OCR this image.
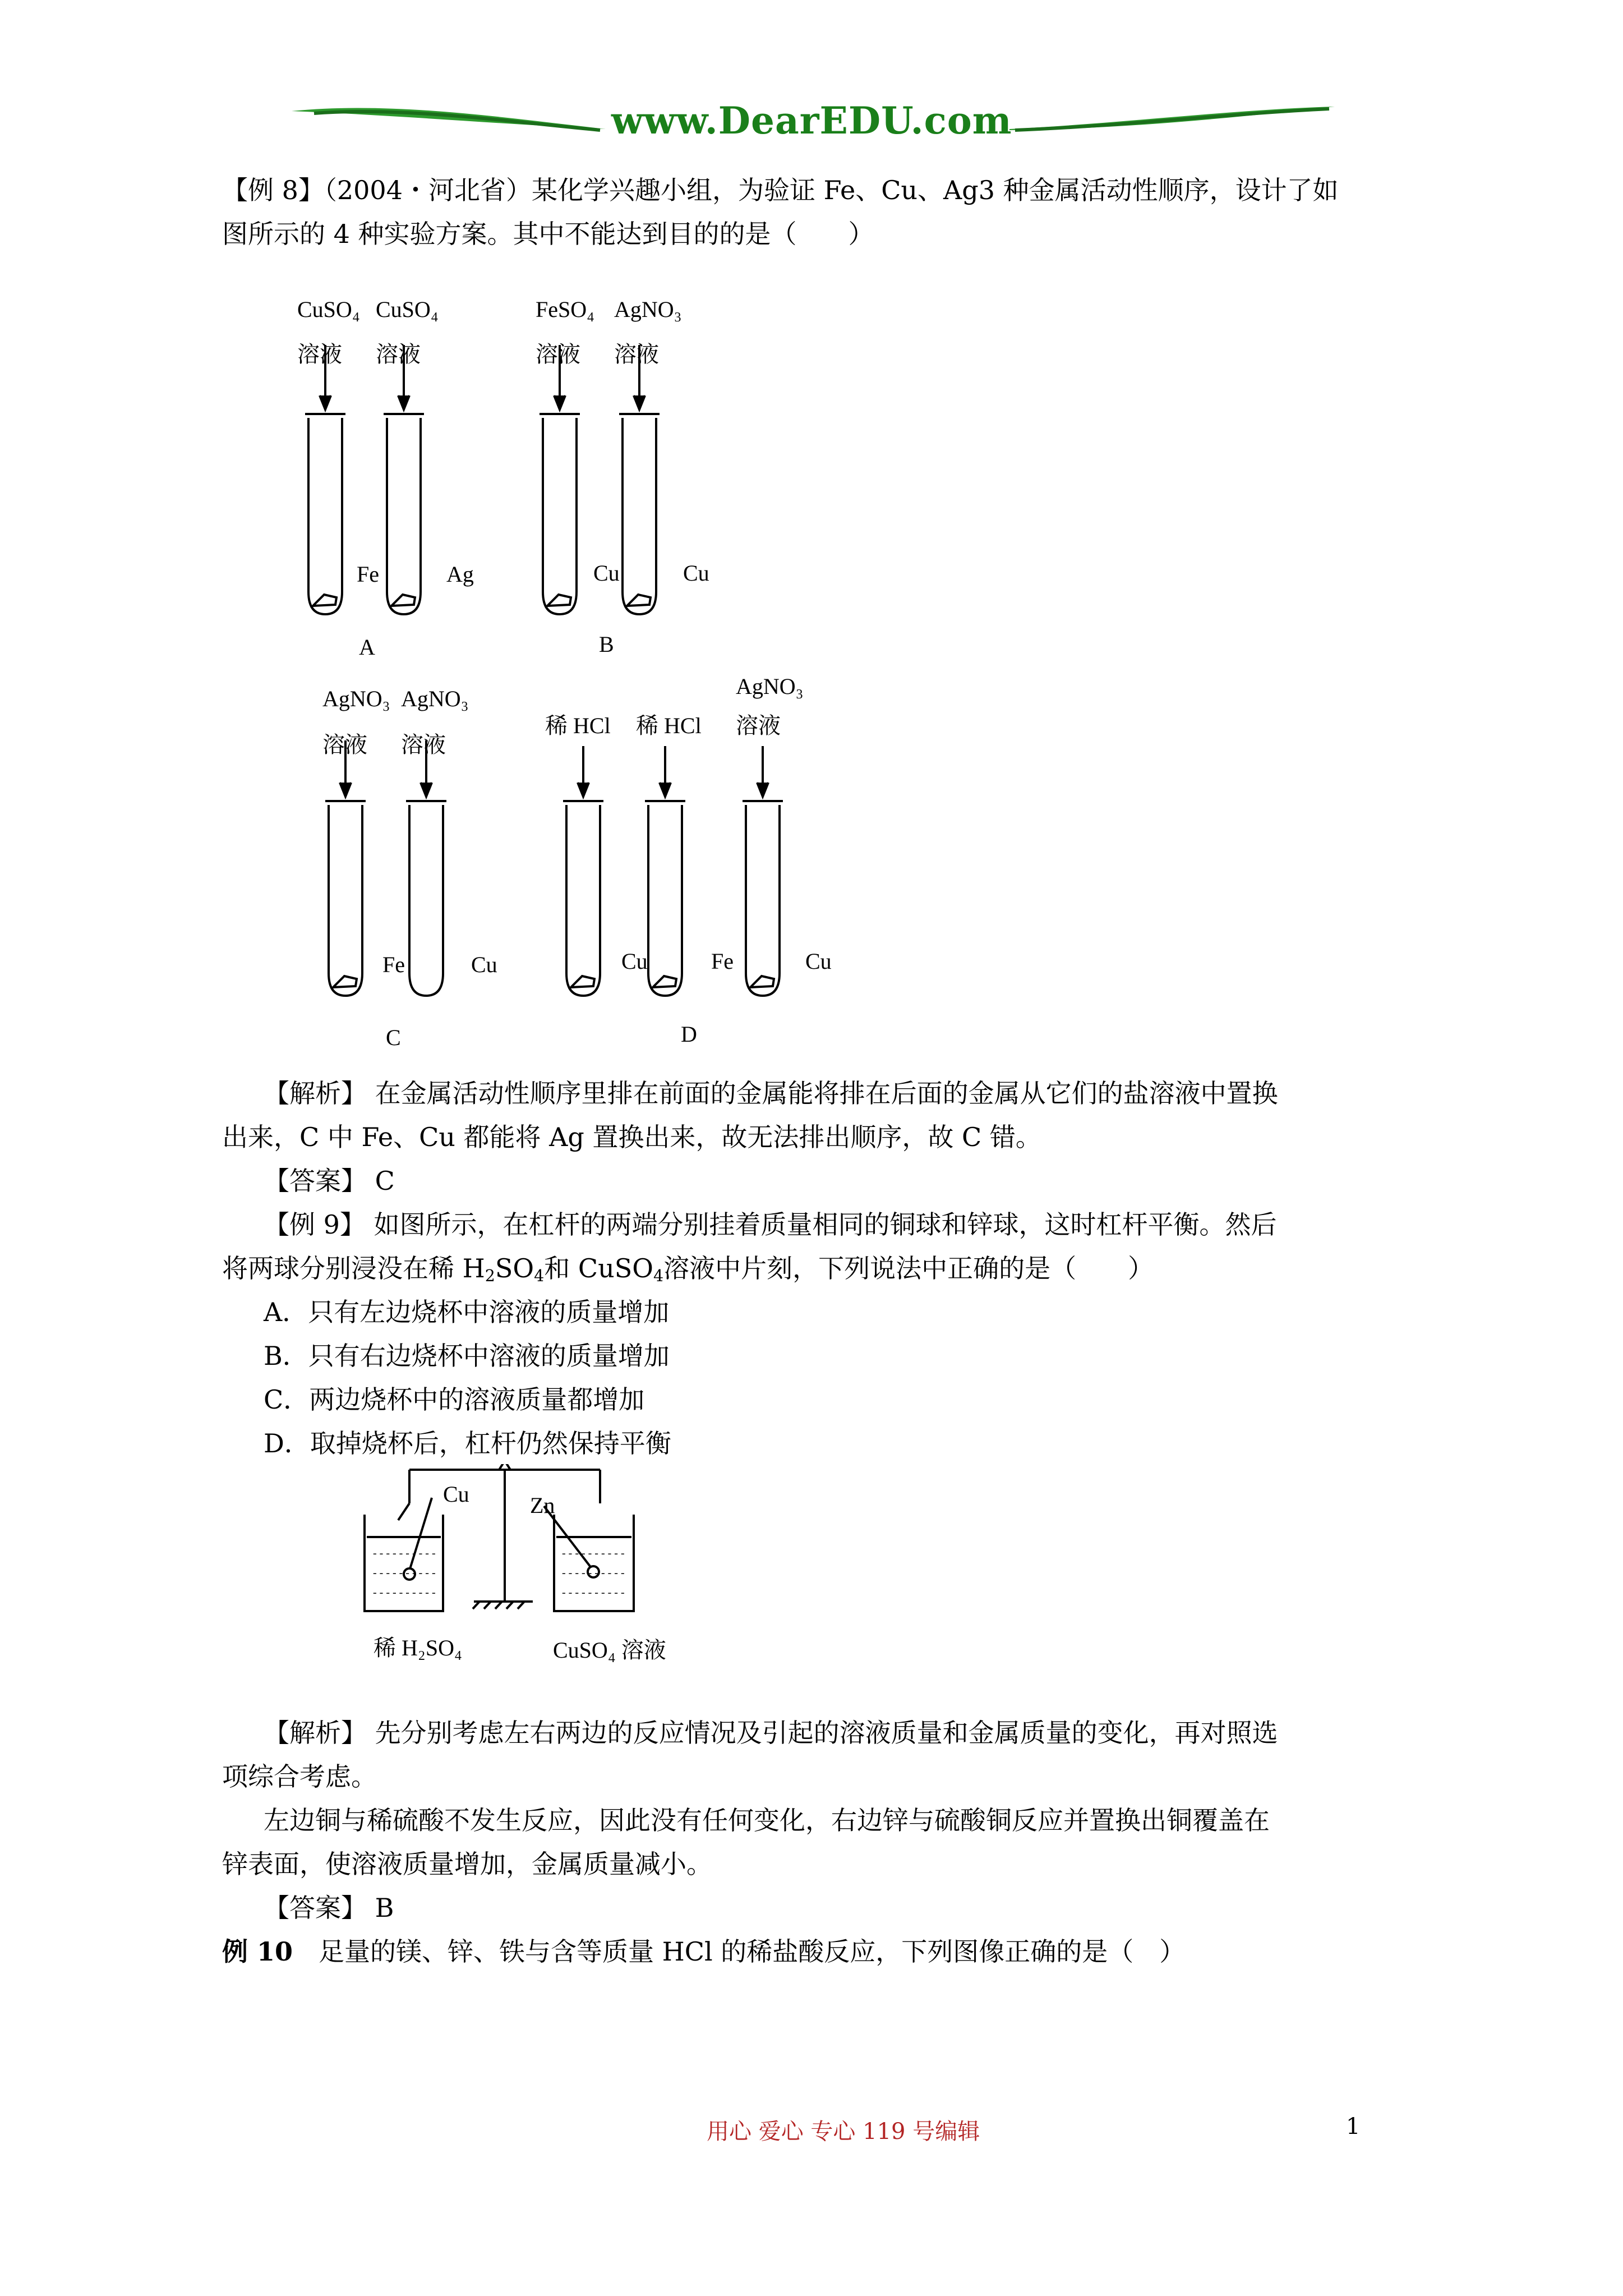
www.DearEDU.com
【例 8】（2004・河北省）某化学兴趣小组，为验证 Fe、Cu、Ag3 种金属活动性顺序，设计了如
图所示的 4 种实验方案。其中不能达到目的的是（　　）
CuSO₄ CuSO₄
溶液 溶液
Fe	Ag
A
FeSO₄ AgNO₃
溶液 溶液
Cu	Cu
B
AgNO₃ AgNO₃
溶液 溶液
Fe	Cu
C
稀 HCl 稀 HCl
AgNO₃
溶液
Cu	Fe	Cu
D
【解析】 在金属活动性顺序里排在前面的金属能将排在后面的金属从它们的盐溶液中置换
出来，C 中 Fe、Cu 都能将 Ag 置换出来，故无法排出顺序，故 C 错。
【答案】 C
【例 9】 如图所示，在杠杆的两端分别挂着质量相同的铜球和锌球，这时杠杆平衡。然后
将两球分别浸没在稀 $H_2SO_4$和 CuSO$_4$溶液中片刻，下列说法中正确的是（　　）
A．只有左边烧杯中溶液的质量增加
B．只有右边烧杯中溶液的质量增加
C．两边烧杯中的溶液质量都增加
D．取掉烧杯后，杠杆仍然保持平衡
- - - - - - - - - -
- - - - - - - - - -
- - - - - - - - - -
- - - - - - - - - -
- - - - - - - - - -
- - - - - - - - - -
Cu	Zn
稀 H₂SO₄	CuSO₄ 溶液
【解析】 先分别考虑左右两边的反应情况及引起的溶液质量和金属质量的变化，再对照选
项综合考虑。
左边铜与稀硫酸不发生反应，因此没有任何变化，右边锌与硫酸铜反应并置换出铜覆盖在
锌表面，使溶液质量增加，金属质量减小。
【答案】 B
例 10　足量的镁、锌、铁与含等质量 HCl 的稀盐酸反应，下列图像正确的是（　）
用心 爱心 专心 119 号编辑	1
